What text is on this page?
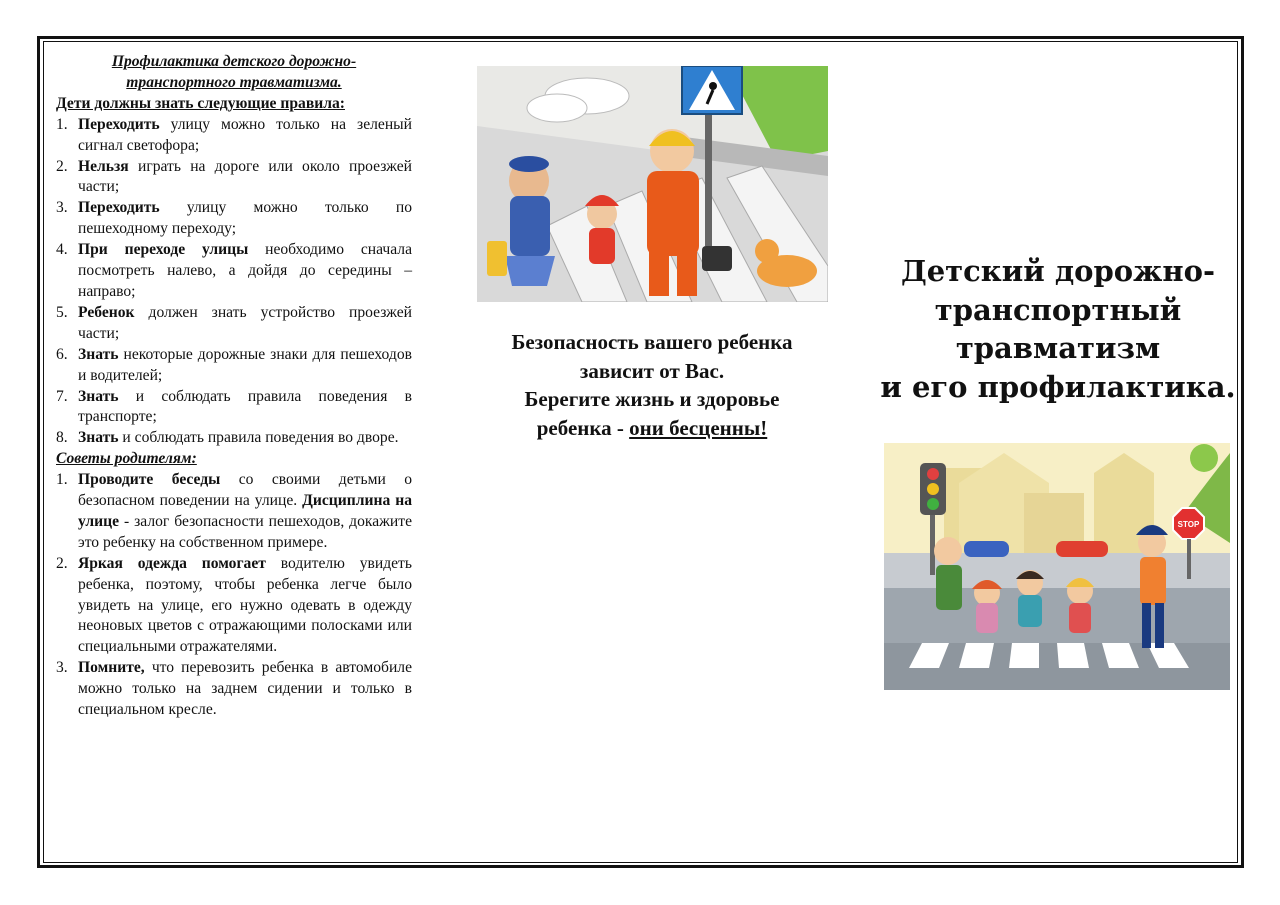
Профилактика детского дорожно-

транспортного травматизма.

Дети должны знать следующие правила:

1. Переходить улицу можно только на зеленый сигнал светофора;
2. Нельзя играть на дороге или около проезжей части;
3. Переходить улицу можно только по пешеходному переходу;
4. При переходе улицы необходимо сначала посмотреть налево, а дойдя до середины – направо;
5. Ребенок должен знать устройство проезжей части;
6. Знать некоторые дорожные знаки для пешеходов и водителей;
7. Знать и соблюдать правила поведения в транспорте;
8. Знать и соблюдать правила поведения во дворе.

Советы родителям:

1. Проводите беседы со своими детьми о безопасном поведении на улице. Дисциплина на улице - залог безопасности пешеходов, докажите это ребенку на собственном примере.
2. Яркая одежда помогает водителю увидеть ребенка, поэтому, чтобы ребенка легче было увидеть на улице, его нужно одевать в одежду неоновых цветов с отражающими полосками или специальными отражателями.
3. Помните, что перевозить ребенка в автомобиле можно только на заднем сидении и только в специальном кресле.
Безопасность вашего ребенка
зависит от Вас.
Берегите жизнь и здоровье
ребенка - они бесценны!
Детский дорожно-
транспортный
травматизм
и его профилактика.
STOP
